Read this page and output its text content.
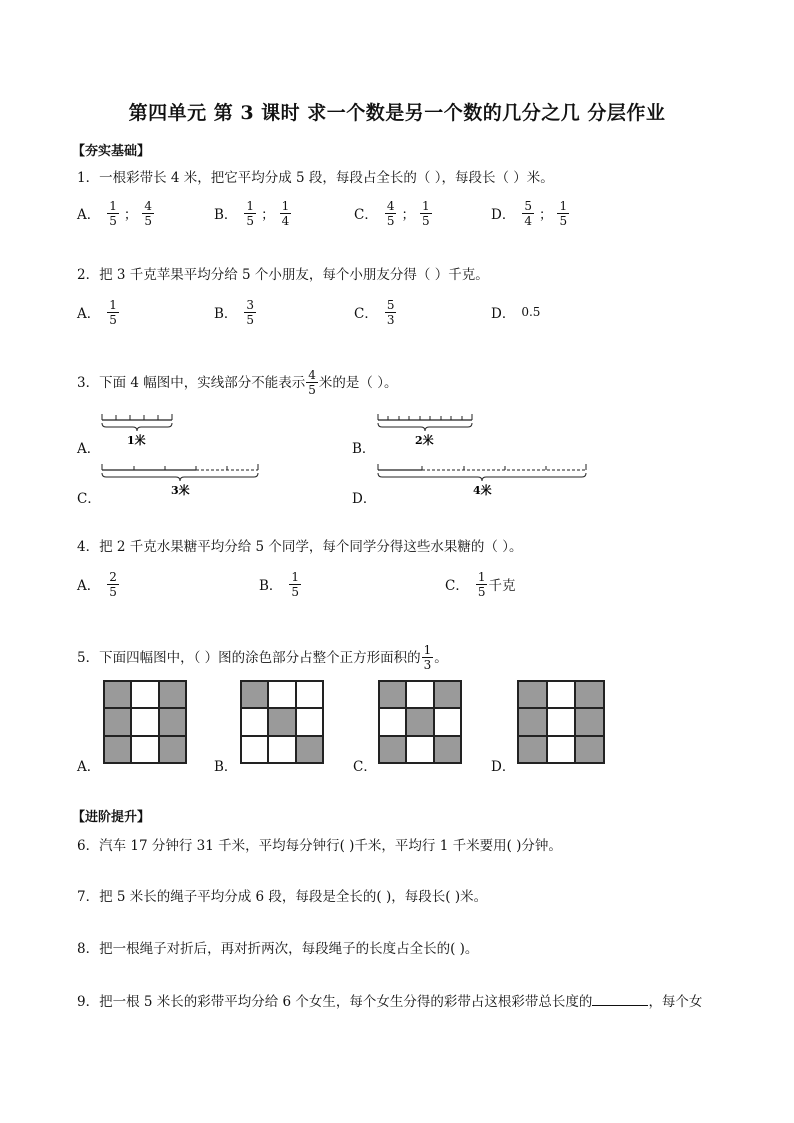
第四单元 第 3 课时 求一个数是另一个数的几分之几 分层作业
【夯实基础】
1．一根彩带长 4 米，把它平均分成 5 段，每段占全长的（ ），每段长（ ）米。
A． $\frac{1}{5}$ ； $\frac{4}{5}$	B． $\frac{1}{5}$ ； $\frac{1}{4}$	C． $\frac{4}{5}$ ； $\frac{1}{5}$	D． $\frac{5}{4}$ ； $\frac{1}{5}$
2．把 3 千克苹果平均分给 5 个小朋友，每个小朋友分得（ ）千克。
A． $\frac{1}{5}$	B． $\frac{3}{5}$	C． $\frac{5}{3}$	D． 0.5
3．下面 4 幅图中，实线部分不能表示 $\frac{4}{5}$ 米的是（ ）。
A．
1米
B．
2米
C．
3米
D．
4米
4．把 2 千克水果糖平均分给 5 个同学，每个同学分得这些水果糖的（ ）。
A． $\frac{2}{5}$	B． $\frac{1}{5}$	C． $\frac{1}{5}$ 千克
5．下面四幅图中，（ ）图的涂色部分占整个正方形面积的 $\frac{1}{3}$ 。
A．	B．	C．	D．
【进阶提升】
6．汽车 17 分钟行 31 千米，平均每分钟行( )千米，平均行 1 千米要用( )分钟。
7．把 5 米长的绳子平均分成 6 段，每段是全长的( )，每段长( )米。
8．把一根绳子对折后，再对折两次，每段绳子的长度占全长的( )。
9．把一根 5 米长的彩带平均分给 6 个女生，每个女生分得的彩带占这根彩带总长度的	，每个女
